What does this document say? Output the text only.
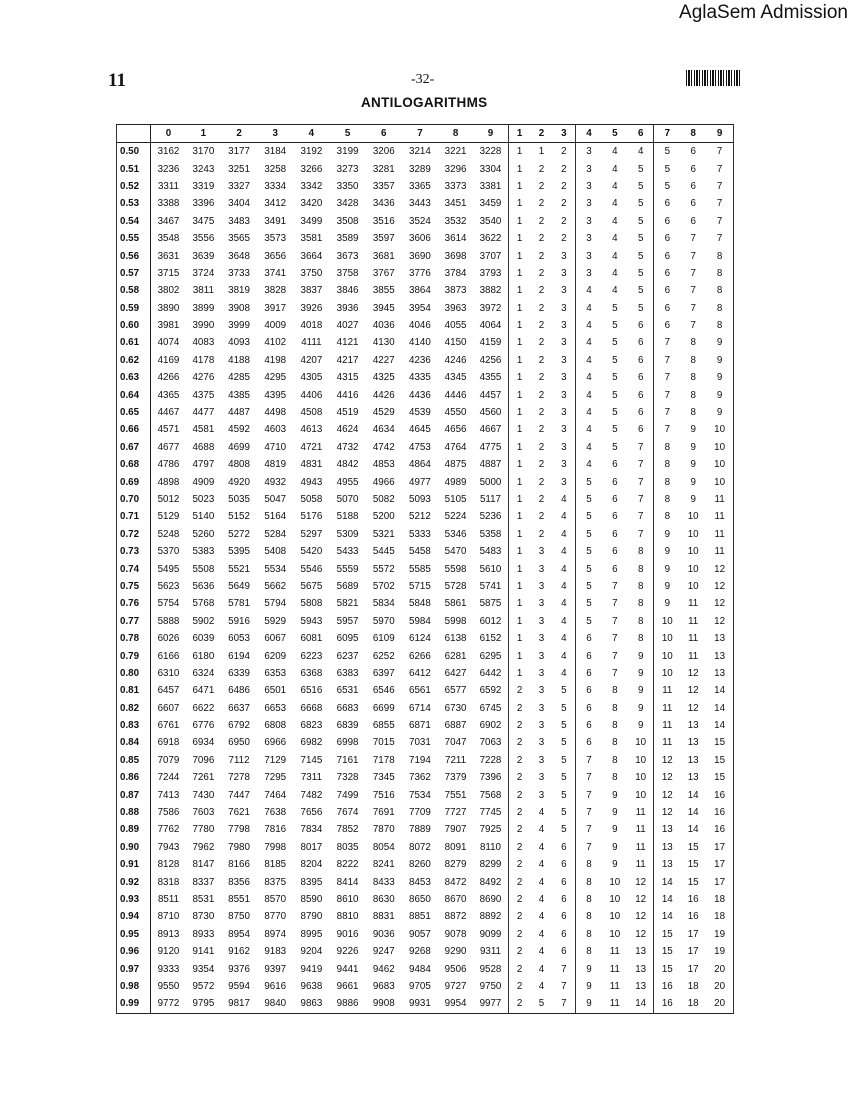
AglaSem Admission
11	-32-
ANTILOGARITHMS
	0	1	2	3	4	5	6	7	8	9	1	2	3	4	5	6	7	8	9
0.50	3162	3170	3177	3184	3192	3199	3206	3214	3221	3228	1	1	2	3	4	4	5	6	7
0.51	3236	3243	3251	3258	3266	3273	3281	3289	3296	3304	1	2	2	3	4	5	5	6	7
0.52	3311	3319	3327	3334	3342	3350	3357	3365	3373	3381	1	2	2	3	4	5	5	6	7
0.53	3388	3396	3404	3412	3420	3428	3436	3443	3451	3459	1	2	2	3	4	5	6	6	7
0.54	3467	3475	3483	3491	3499	3508	3516	3524	3532	3540	1	2	2	3	4	5	6	6	7
0.55	3548	3556	3565	3573	3581	3589	3597	3606	3614	3622	1	2	2	3	4	5	6	7	7
0.56	3631	3639	3648	3656	3664	3673	3681	3690	3698	3707	1	2	3	3	4	5	6	7	8
0.57	3715	3724	3733	3741	3750	3758	3767	3776	3784	3793	1	2	3	3	4	5	6	7	8
0.58	3802	3811	3819	3828	3837	3846	3855	3864	3873	3882	1	2	3	4	4	5	6	7	8
0.59	3890	3899	3908	3917	3926	3936	3945	3954	3963	3972	1	2	3	4	5	5	6	7	8
0.60	3981	3990	3999	4009	4018	4027	4036	4046	4055	4064	1	2	3	4	5	6	6	7	8
0.61	4074	4083	4093	4102	4111	4121	4130	4140	4150	4159	1	2	3	4	5	6	7	8	9
0.62	4169	4178	4188	4198	4207	4217	4227	4236	4246	4256	1	2	3	4	5	6	7	8	9
0.63	4266	4276	4285	4295	4305	4315	4325	4335	4345	4355	1	2	3	4	5	6	7	8	9
0.64	4365	4375	4385	4395	4406	4416	4426	4436	4446	4457	1	2	3	4	5	6	7	8	9
0.65	4467	4477	4487	4498	4508	4519	4529	4539	4550	4560	1	2	3	4	5	6	7	8	9
0.66	4571	4581	4592	4603	4613	4624	4634	4645	4656	4667	1	2	3	4	5	6	7	9	10
0.67	4677	4688	4699	4710	4721	4732	4742	4753	4764	4775	1	2	3	4	5	7	8	9	10
0.68	4786	4797	4808	4819	4831	4842	4853	4864	4875	4887	1	2	3	4	6	7	8	9	10
0.69	4898	4909	4920	4932	4943	4955	4966	4977	4989	5000	1	2	3	5	6	7	8	9	10
0.70	5012	5023	5035	5047	5058	5070	5082	5093	5105	5117	1	2	4	5	6	7	8	9	11
0.71	5129	5140	5152	5164	5176	5188	5200	5212	5224	5236	1	2	4	5	6	7	8	10	11
0.72	5248	5260	5272	5284	5297	5309	5321	5333	5346	5358	1	2	4	5	6	7	9	10	11
0.73	5370	5383	5395	5408	5420	5433	5445	5458	5470	5483	1	3	4	5	6	8	9	10	11
0.74	5495	5508	5521	5534	5546	5559	5572	5585	5598	5610	1	3	4	5	6	8	9	10	12
0.75	5623	5636	5649	5662	5675	5689	5702	5715	5728	5741	1	3	4	5	7	8	9	10	12
0.76	5754	5768	5781	5794	5808	5821	5834	5848	5861	5875	1	3	4	5	7	8	9	11	12
0.77	5888	5902	5916	5929	5943	5957	5970	5984	5998	6012	1	3	4	5	7	8	10	11	12
0.78	6026	6039	6053	6067	6081	6095	6109	6124	6138	6152	1	3	4	6	7	8	10	11	13
0.79	6166	6180	6194	6209	6223	6237	6252	6266	6281	6295	1	3	4	6	7	9	10	11	13
0.80	6310	6324	6339	6353	6368	6383	6397	6412	6427	6442	1	3	4	6	7	9	10	12	13
0.81	6457	6471	6486	6501	6516	6531	6546	6561	6577	6592	2	3	5	6	8	9	11	12	14
0.82	6607	6622	6637	6653	6668	6683	6699	6714	6730	6745	2	3	5	6	8	9	11	12	14
0.83	6761	6776	6792	6808	6823	6839	6855	6871	6887	6902	2	3	5	6	8	9	11	13	14
0.84	6918	6934	6950	6966	6982	6998	7015	7031	7047	7063	2	3	5	6	8	10	11	13	15
0.85	7079	7096	7112	7129	7145	7161	7178	7194	7211	7228	2	3	5	7	8	10	12	13	15
0.86	7244	7261	7278	7295	7311	7328	7345	7362	7379	7396	2	3	5	7	8	10	12	13	15
0.87	7413	7430	7447	7464	7482	7499	7516	7534	7551	7568	2	3	5	7	9	10	12	14	16
0.88	7586	7603	7621	7638	7656	7674	7691	7709	7727	7745	2	4	5	7	9	11	12	14	16
0.89	7762	7780	7798	7816	7834	7852	7870	7889	7907	7925	2	4	5	7	9	11	13	14	16
0.90	7943	7962	7980	7998	8017	8035	8054	8072	8091	8110	2	4	6	7	9	11	13	15	17
0.91	8128	8147	8166	8185	8204	8222	8241	8260	8279	8299	2	4	6	8	9	11	13	15	17
0.92	8318	8337	8356	8375	8395	8414	8433	8453	8472	8492	2	4	6	8	10	12	14	15	17
0.93	8511	8531	8551	8570	8590	8610	8630	8650	8670	8690	2	4	6	8	10	12	14	16	18
0.94	8710	8730	8750	8770	8790	8810	8831	8851	8872	8892	2	4	6	8	10	12	14	16	18
0.95	8913	8933	8954	8974	8995	9016	9036	9057	9078	9099	2	4	6	8	10	12	15	17	19
0.96	9120	9141	9162	9183	9204	9226	9247	9268	9290	9311	2	4	6	8	11	13	15	17	19
0.97	9333	9354	9376	9397	9419	9441	9462	9484	9506	9528	2	4	7	9	11	13	15	17	20
0.98	9550	9572	9594	9616	9638	9661	9683	9705	9727	9750	2	4	7	9	11	13	16	18	20
0.99	9772	9795	9817	9840	9863	9886	9908	9931	9954	9977	2	5	7	9	11	14	16	18	20
